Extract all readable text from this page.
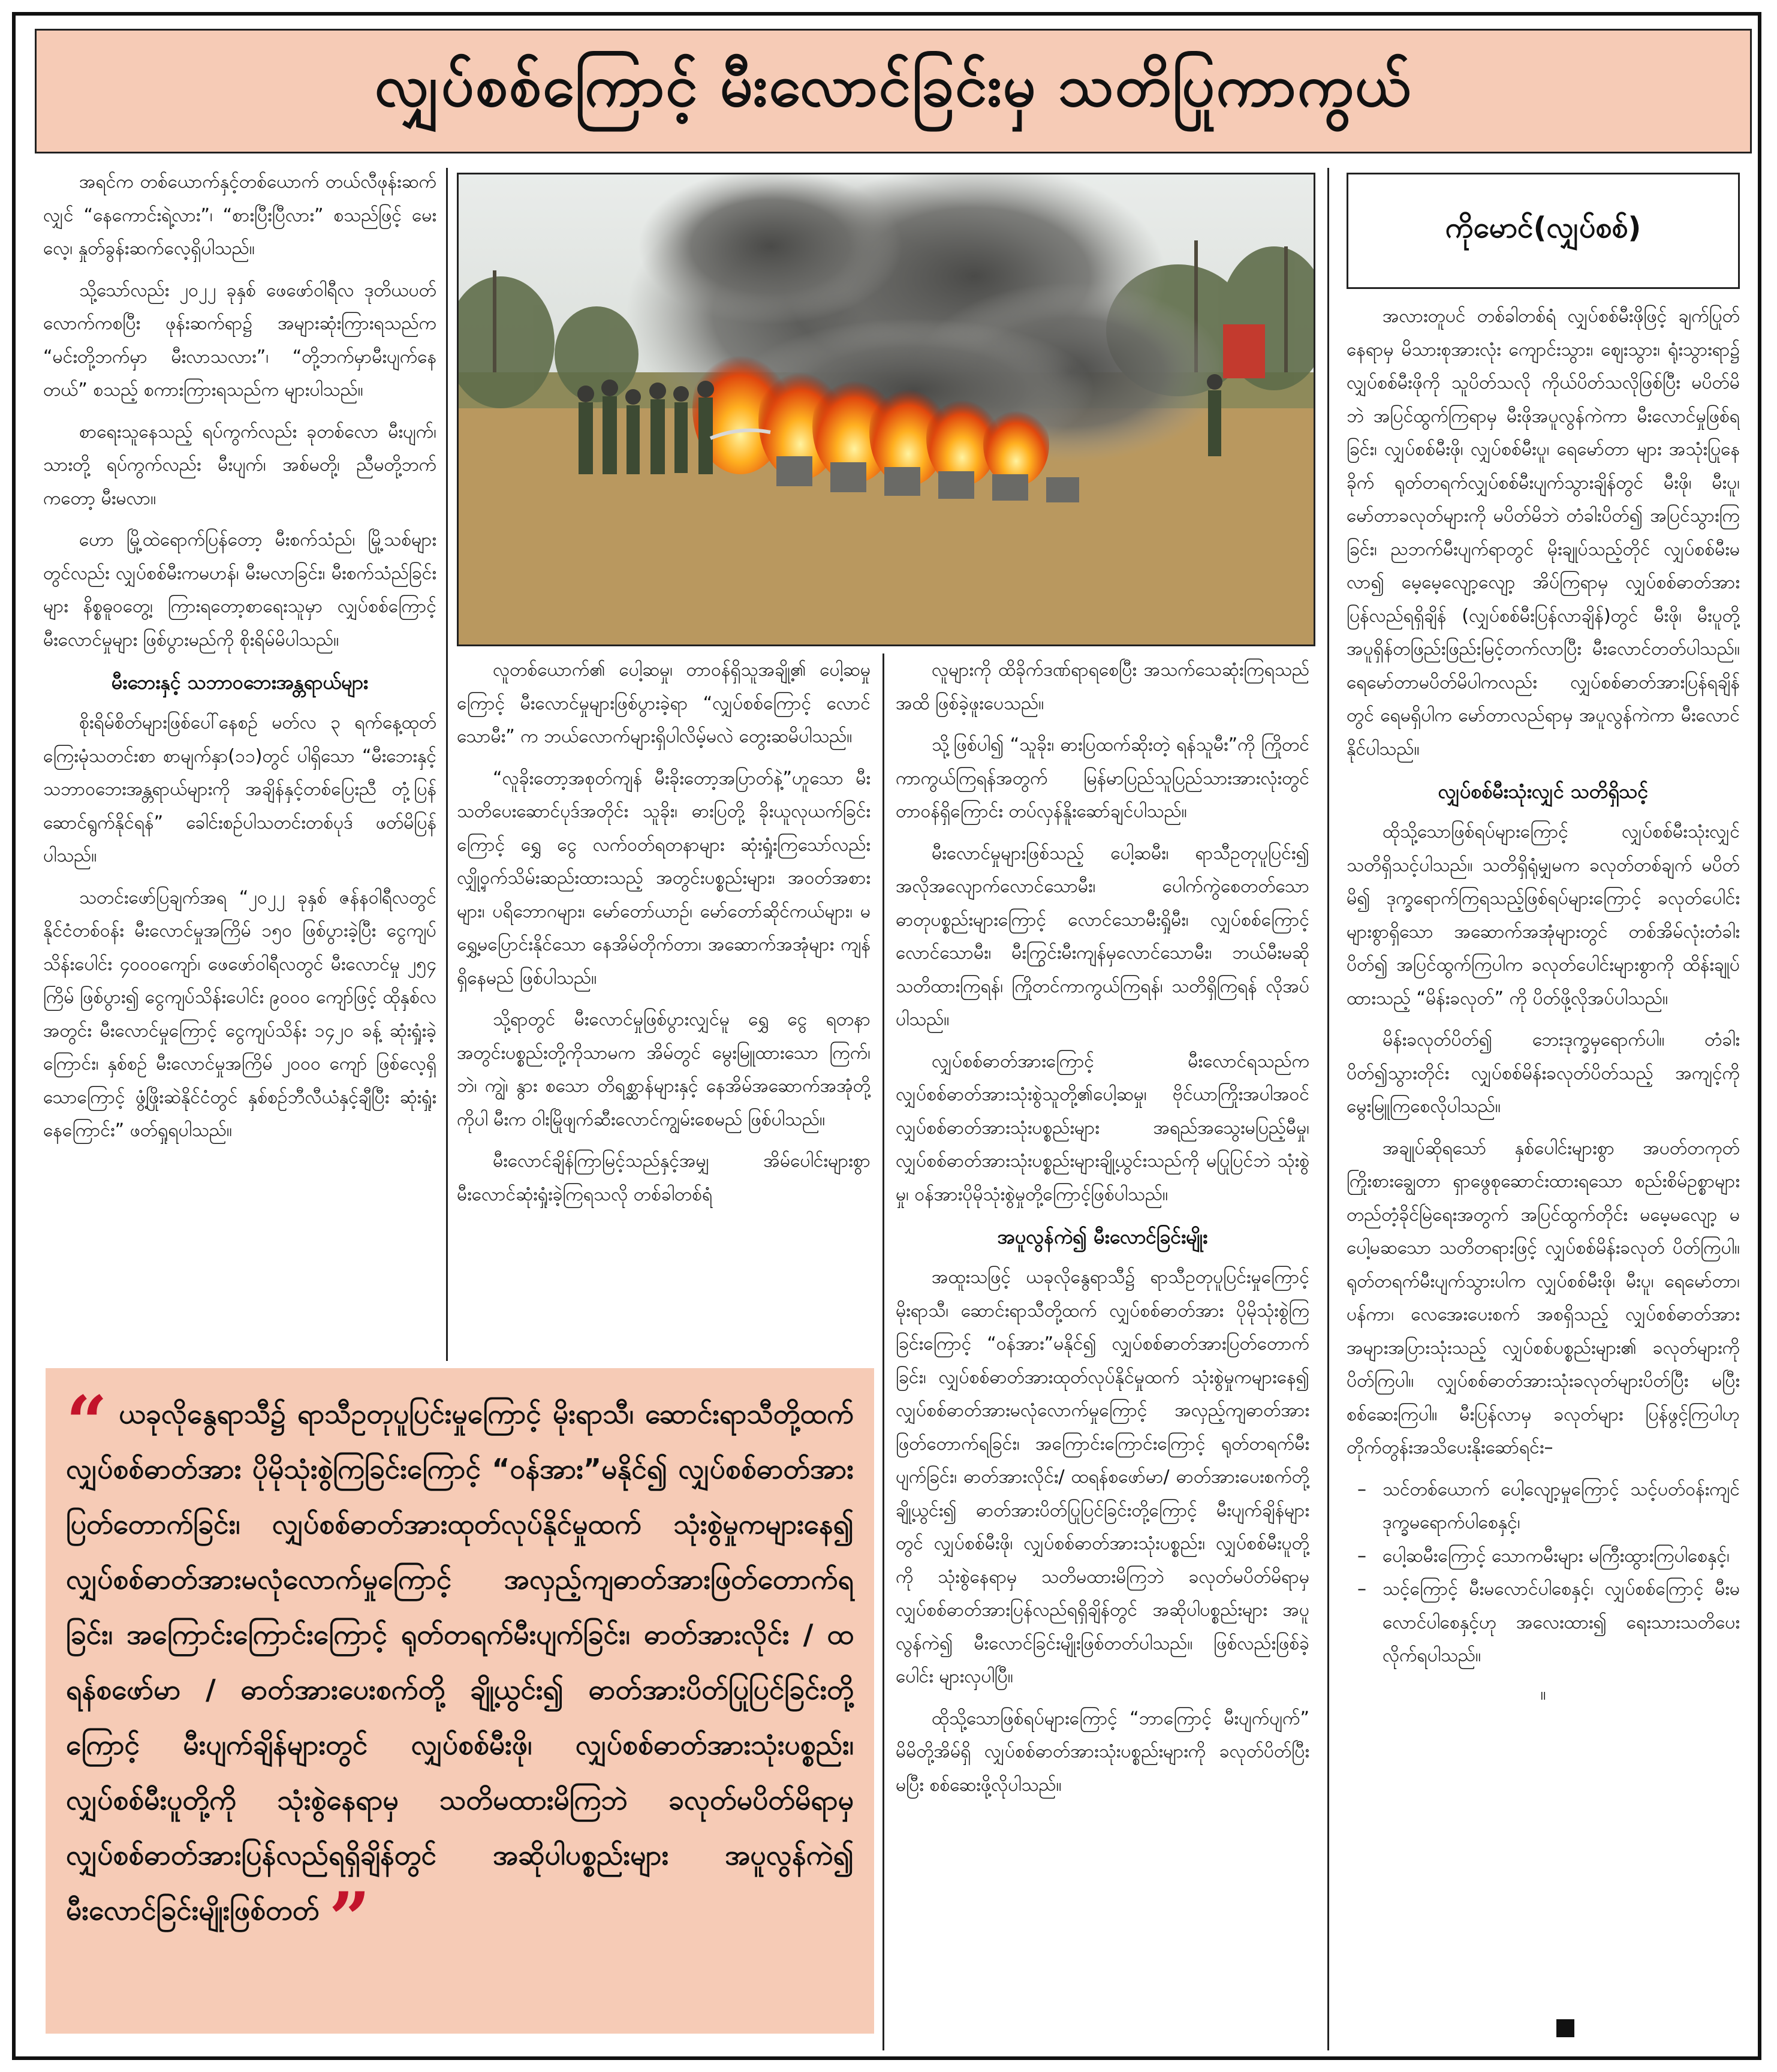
လျှပ်စစ်ကြောင့် မီးလောင်ခြင်းမှ သတိပြုကာကွယ်

အရင်က တစ်ယောက်နှင့်တစ်ယောက် တယ်လီဖုန်းဆက်လျှင် “နေကောင်းရဲ့လား”၊ “စားပြီးပြီလား” စသည်ဖြင့် မေးလေ့၊ နှုတ်ခွန်းဆက်လေ့ရှိပါသည်။

သို့သော်လည်း ၂၀၂၂ ခုနှစ် ဖေဖော်ဝါရီလ ဒုတိယပတ်လောက်ကစပြီး ဖုန်းဆက်ရာ၌ အများဆုံးကြားရသည်က “မင်းတို့ဘက်မှာ မီးလာသလား”၊ “တို့ဘက်မှာမီးပျက်နေတယ်” စသည့် စကားကြားရသည်က များပါသည်။

စာရေးသူနေသည့် ရပ်ကွက်လည်း ခုတစ်လော မီးပျက်၊ သားတို့ ရပ်ကွက်လည်း မီးပျက်၊ အစ်မတို့၊ ညီမတို့ဘက်ကတော့ မီးမလာ။

ဟော မြို့ထဲရောက်ပြန်တော့ မီးစက်သံည်၊ မြို့သစ်များတွင်လည်း လျှပ်စစ်မီးကမဟန်၊ မီးမလာခြင်း၊ မီးစက်သံည်ခြင်းများ နိစ္စဓူဝတွေ့၊ ကြားရတော့စာရေးသူမှာ လျှပ်စစ်ကြောင့်မီးလောင်မှုများ ဖြစ်ပွားမည်ကို စိုးရိမ်မိပါသည်။

မီးဘေးနှင့် သဘာဝဘေးအန္တရာယ်များ

စိုးရိမ်စိတ်များဖြစ်ပေါ်နေစဉ် မတ်လ ၃ ရက်နေ့ထုတ် ကြေးမုံသတင်းစာ စာမျက်နှာ(၁၁)တွင် ပါရှိသော “မီးဘေးနှင့် သဘာဝဘေးအန္တရာယ်များကို အချိန်နှင့်တစ်ပြေးညီ တုံ့ပြန်ဆောင်ရွက်နိုင်ရန်” ခေါင်းစဉ်ပါသတင်းတစ်ပုဒ် ဖတ်မိပြန်ပါသည်။

သတင်းဖော်ပြချက်အရ “၂၀၂၂ ခုနှစ် ဇန်နဝါရီလတွင် နိုင်ငံတစ်ဝန်း မီးလောင်မှုအကြိမ် ၁၅၀ ဖြစ်ပွားခဲ့ပြီး ငွေကျပ်သိန်းပေါင်း ၄၀၀၀ကျော်၊ ဖေဖော်ဝါရီလတွင် မီးလောင်မှု ၂၅၄ ကြိမ် ဖြစ်ပွား၍ ငွေကျပ်သိန်းပေါင်း ၉၀၀၀ ကျော်ဖြင့် ထိုနှစ်လအတွင်း မီးလောင်မှုကြောင့် ငွေကျပ်သိန်း ၁၄၂၀ ခန့် ဆုံးရှုံးခဲ့ကြောင်း၊ နှစ်စဉ် မီးလောင်မှုအကြိမ် ၂၀၀၀ ကျော် ဖြစ်လေ့ရှိသောကြောင့် ဖွံ့ဖြိုးဆဲနိုင်ငံတွင် နှစ်စဉ်ဘီလီယံနှင့်ချီပြီး ဆုံးရှုံးနေကြောင်း” ဖတ်ရှုရပါသည်။

လူတစ်ယောက်၏ ပေါ့ဆမှု၊ တာဝန်ရှိသူအချို့၏ ပေါ့ဆမှုကြောင့် မီးလောင်မှုများဖြစ်ပွားခဲ့ရာ “လျှပ်စစ်ကြောင့် လောင်သောမီး” က ဘယ်လောက်များရှိပါလိမ့်မလဲ တွေးဆမိပါသည်။

“လူခိုးတော့အစုတ်ကျန် မီးခိုးတော့အပြာတ်နဲ့”ဟူသော မီးသတိပေးဆောင်ပုဒ်အတိုင်း သူခိုး၊ ဓားပြတို့ ခိုးယူလုယက်ခြင်းကြောင့် ရွှေ ငွေ လက်ဝတ်ရတနာများ ဆုံးရှုံးကြသော်လည်း လျှို့ဝှက်သိမ်းဆည်းထားသည့် အတွင်းပစ္စည်းများ၊ အဝတ်အစားများ၊ ပရိဘောဂများ၊ မော်တော်ယာဉ်၊ မော်တော်ဆိုင်ကယ်များ၊ မရွှေ့မပြောင်းနိုင်သော နေအိမ်တိုက်တာ၊ အဆောက်အအုံများ ကျန်ရှိနေမည် ဖြစ်ပါသည်။

သို့ရာတွင် မီးလောင်မှုဖြစ်ပွားလျှင်မူ ရွှေ ငွေ ရတနာ အတွင်းပစ္စည်းတို့ကိုသာမက အိမ်တွင် မွေးမြူထားသော ကြက်၊ ဘဲ၊ ကျွဲ၊ နွား စသော တိရစ္ဆာန်များနှင့် နေအိမ်အဆောက်အအုံတို့ကိုပါ မီးက ဝါးမြိုဖျက်ဆီးလောင်ကျွမ်းစေမည် ဖြစ်ပါသည်။

မီးလောင်ချိန်ကြာမြင့်သည်နှင့်အမျှ အိမ်ပေါင်းများစွာမီးလောင်ဆုံးရှုံးခဲ့ကြရသလို တစ်ခါတစ်ရံ

လူများကို ထိခိုက်ဒဏ်ရာရစေပြီး အသက်သေဆုံးကြရသည်အထိ ဖြစ်ခဲ့ဖူးပေသည်။

သို့ဖြစ်ပါ၍ “သူခိုး၊ ဓားပြထက်ဆိုးတဲ့ ရန်သူမီး”ကို ကြိုတင်ကာကွယ်ကြရန်အတွက် မြန်မာပြည်သူပြည်သားအားလုံးတွင် တာဝန်ရှိကြောင်း တပ်လှန်နိူးဆော်ချင်ပါသည်။

မီးလောင်မှုများဖြစ်သည့် ပေါ့ဆမီး၊ ရာသီဥတုပူပြင်း၍ အလိုအလျောက်လောင်သောမီး၊ ပေါက်ကွဲစေတတ်သော ဓာတုပစ္စည်းများကြောင့် လောင်သောမီးရှိုမီး၊ လျှပ်စစ်ကြောင့်လောင်သောမီး၊ မီးကြွင်းမီးကျန်မှလောင်သောမီး၊ ဘယ်မီးမဆို သတိထားကြရန်၊ ကြိုတင်ကာကွယ်ကြရန်၊ သတိရှိကြရန် လိုအပ်ပါသည်။

လျှပ်စစ်ဓာတ်အားကြောင့် မီးလောင်ရသည်က လျှပ်စစ်ဓာတ်အားသုံးစွဲသူတို့၏ပေါ့ဆမှု၊ ဗိုင်ယာကြိုးအပါအဝင် လျှပ်စစ်ဓာတ်အားသုံးပစ္စည်းများ အရည်အသွေးမပြည့်မီမှု၊ လျှပ်စစ်ဓာတ်အားသုံးပစ္စည်းများချို့ယွင်းသည်ကို မပြုပြင်ဘဲ သုံးစွဲမှု၊ ဝန်အားပိုမိုသုံးစွဲမှုတို့ကြောင့်ဖြစ်ပါသည်။

အပူလွန်ကဲ၍ မီးလောင်ခြင်းမျိုး

အထူးသဖြင့် ယခုလိုနွေရာသီ၌ ရာသီဥတုပူပြင်းမှုကြောင့် မိုးရာသီ၊ ဆောင်းရာသီတို့ထက် လျှပ်စစ်ဓာတ်အား ပိုမိုသုံးစွဲကြခြင်းကြောင့် “ဝန်အား”မနိုင်၍ လျှပ်စစ်ဓာတ်အားပြတ်တောက်ခြင်း၊ လျှပ်စစ်ဓာတ်အားထုတ်လုပ်နိုင်မှုထက် သုံးစွဲမှုကများနေ၍ လျှပ်စစ်ဓာတ်အားမလုံလောက်မှုကြောင့် အလှည့်ကျဓာတ်အားဖြတ်တောက်ရခြင်း၊ အကြောင်းကြောင်းကြောင့် ရုတ်တရက်မီးပျက်ခြင်း၊ ဓာတ်အားလိုင်း/ ထရန်စဖော်မာ/ ဓာတ်အားပေးစက်တို့ ချို့ယွင်း၍ ဓာတ်အားပိတ်ပြုပြင်ခြင်းတို့ကြောင့် မီးပျက်ချိန်များတွင် လျှပ်စစ်မီးဖို၊ လျှပ်စစ်ဓာတ်အားသုံးပစ္စည်း၊ လျှပ်စစ်မီးပူတို့ကို သုံးစွဲနေရာမှ သတိမထားမိကြဘဲ ခလုတ်မပိတ်မိရာမှ လျှပ်စစ်ဓာတ်အားပြန်လည်ရရှိချိန်တွင် အဆိုပါပစ္စည်းများ အပူလွန်ကဲ၍ မီးလောင်ခြင်းမျိုးဖြစ်တတ်ပါသည်။ ဖြစ်လည်းဖြစ်ခဲ့ပေါင်း များလှပါပြီ။

ထိုသို့သောဖြစ်ရပ်များကြောင့် “ဘာကြောင့် မီးပျက်ပျက်” မိမိတို့အိမ်ရှိ လျှပ်စစ်ဓာတ်အားသုံးပစ္စည်းများကို ခလုတ်ပိတ်ပြီး မပြီး စစ်ဆေးဖို့လိုပါသည်။

ကိုမောင်(လျှပ်စစ်)

အလားတူပင် တစ်ခါတစ်ရံ လျှပ်စစ်မီးဖိုဖြင့် ချက်ပြုတ်နေရာမှ မိသားစုအားလုံး ကျောင်းသွား၊ ဈေးသွား၊ ရုံးသွားရာ၌ လျှပ်စစ်မီးဖိုကို သူပိတ်သလို ကိုယ်ပိတ်သလိုဖြစ်ပြီး မပိတ်မိဘဲ အပြင်ထွက်ကြရာမှ မီးဖိုအပူလွန်ကဲကာ မီးလောင်မှုဖြစ်ရခြင်း၊ လျှပ်စစ်မီးဖို၊ လျှပ်စစ်မီးပူ၊ ရေမော်တာ များ အသုံးပြုနေခိုက် ရုတ်တရက်လျှပ်စစ်မီးပျက်သွားချိန်တွင် မီးဖို၊ မီးပူ၊ မော်တာခလုတ်များကို မပိတ်မိဘဲ တံခါးပိတ်၍ အပြင်သွားကြခြင်း၊ ညဘက်မီးပျက်ရာတွင် မိုးချုပ်သည့်တိုင် လျှပ်စစ်မီးမလာ၍ မေ့မေ့လျော့လျော့ အိပ်ကြရာမှ လျှပ်စစ်ဓာတ်အား ပြန်လည်ရရှိချိန် (လျှပ်စစ်မီးပြန်လာချိန်)တွင် မီးဖို၊ မီးပူတို့ အပူရှိန်တဖြည်းဖြည်းမြင့်တက်လာပြီး မီးလောင်တတ်ပါသည်။ ရေမော်တာမပိတ်မိပါကလည်း လျှပ်စစ်ဓာတ်အားပြန်ရချိန်တွင် ရေမရှိပါက မော်တာလည်ရာမှ အပူလွန်ကဲကာ မီးလောင်နိုင်ပါသည်။

လျှပ်စစ်မီးသုံးလျှင် သတိရှိသင့်

ထိုသို့သောဖြစ်ရပ်များကြောင့် လျှပ်စစ်မီးသုံးလျှင် သတိရှိသင့်ပါသည်။ သတိရှိရုံမျှမက ခလုတ်တစ်ချက် မပိတ်မိ၍ ဒုက္ခရောက်ကြရသည့်ဖြစ်ရပ်များကြောင့် ခလုတ်ပေါင်းများစွာရှိသော အဆောက်အအုံများတွင် တစ်အိမ်လုံးတံခါးပိတ်၍ အပြင်ထွက်ကြပါက ခလုတ်ပေါင်းများစွာကို ထိန်းချုပ်ထားသည့် “မိန်းခလုတ်” ကို ပိတ်ဖို့လိုအပ်ပါသည်။

မိန်းခလုတ်ပိတ်၍ ဘေးဒုက္ခမှရောက်ပါ။ တံခါးပိတ်၍သွားတိုင်း လျှပ်စစ်မိန်းခလုတ်ပိတ်သည့် အကျင့်ကို မွေးမြူကြစေလိုပါသည်။

အချုပ်ဆိုရသော် နှစ်ပေါင်းများစွာ အပတ်တကုတ်ကြိုးစားချွေတာ ရှာဖွေစုဆောင်းထားရသော စည်းစိမ်ဥစ္စာများ တည်တံ့ခိုင်မြဲရေးအတွက် အပြင်ထွက်တိုင်း မမေ့မလျော့ မပေါ့မဆသော သတိတရားဖြင့် လျှပ်စစ်မိန်းခလုတ် ပိတ်ကြပါ။ ရုတ်တရက်မီးပျက်သွားပါက လျှပ်စစ်မီးဖို၊ မီးပူ၊ ရေမော်တာ၊ ပန်ကာ၊ လေအေးပေးစက် အစရှိသည့် လျှပ်စစ်ဓာတ်အား အများအပြားသုံးသည့် လျှပ်စစ်ပစ္စည်းများ၏ ခလုတ်များကို ပိတ်ကြပါ။ လျှပ်စစ်ဓာတ်အားသုံးခလုတ်များပိတ်ပြီး မပြီးစစ်ဆေးကြပါ။ မီးပြန်လာမှ ခလုတ်များ ပြန်ဖွင့်ကြပါဟု တိုက်တွန်းအသိပေးနိုးဆော်ရင်း–

– သင်တစ်ယောက် ပေါ့လျော့မှုကြောင့် သင့်ပတ်ဝန်းကျင်ဒုက္ခမရောက်ပါစေနှင့်၊
– ပေါ့ဆမီးကြောင့် သောကမီးများ မကြီးထွားကြပါစေနှင့်၊
– သင့်ကြောင့် မီးမလောင်ပါစေနှင့်၊ လျှပ်စစ်ကြောင့် မီးမလောင်ပါစေနှင့်ဟု အလေးထား၍ ရေးသားသတိပေးလိုက်ရပါသည်။
။
“ ယခုလိုနွေရာသီ၌ ရာသီဥတုပူပြင်းမှုကြောင့် မိုးရာသီ၊ ဆောင်းရာသီတို့ထက် လျှပ်စစ်ဓာတ်အား ပိုမိုသုံးစွဲကြခြင်းကြောင့် “ဝန်အား”မနိုင်၍ လျှပ်စစ်ဓာတ်အားပြတ်တောက်ခြင်း၊ လျှပ်စစ်ဓာတ်အားထုတ်လုပ်နိုင်မှုထက် သုံးစွဲမှုကများနေ၍ လျှပ်စစ်ဓာတ်အားမလုံလောက်မှုကြောင့် အလှည့်ကျဓာတ်အားဖြတ်တောက်ရခြင်း၊ အကြောင်းကြောင်းကြောင့် ရုတ်တရက်မီးပျက်ခြင်း၊ ဓာတ်အားလိုင်း / ထရန်စဖော်မာ / ဓာတ်အားပေးစက်တို့ ချို့ယွင်း၍ ဓာတ်အားပိတ်ပြုပြင်ခြင်းတို့ကြောင့် မီးပျက်ချိန်များတွင် လျှပ်စစ်မီးဖို၊ လျှပ်စစ်ဓာတ်အားသုံးပစ္စည်း၊ လျှပ်စစ်မီးပူတို့ကို သုံးစွဲနေရာမှ သတိမထားမိကြဘဲ ခလုတ်မပိတ်မိရာမှ လျှပ်စစ်ဓာတ်အားပြန်လည်ရရှိချိန်တွင် အဆိုပါပစ္စည်းများ အပူလွန်ကဲ၍ မီးလောင်ခြင်းမျိုးဖြစ်တတ် ”
